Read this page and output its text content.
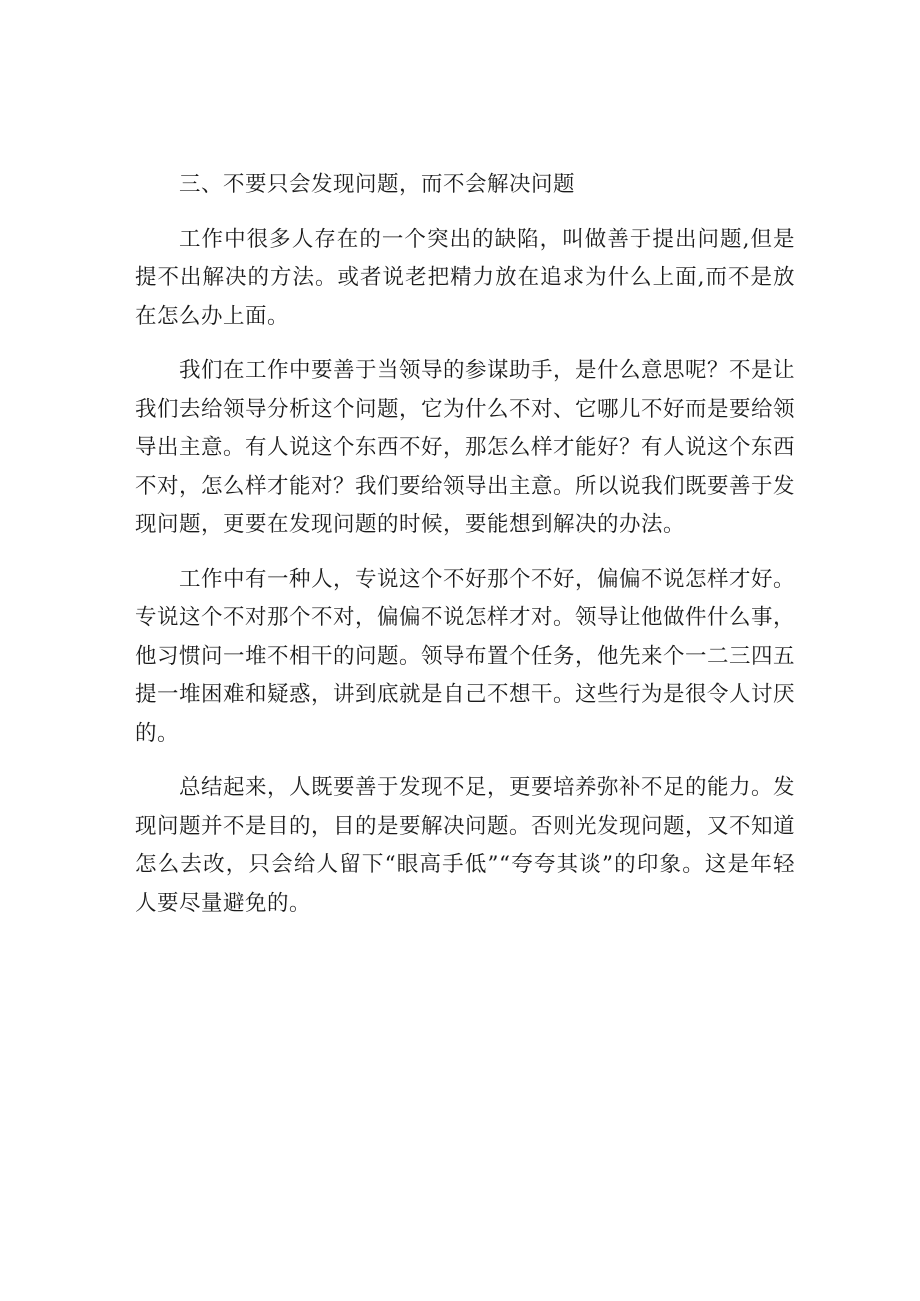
三、不要只会发现问题，而不会解决问题

工作中很多人存在的一个突出的缺陷，叫做善于提出问题,但是提不出解决的方法。或者说老把精力放在追求为什么上面,而不是放在怎么办上面。

我们在工作中要善于当领导的参谋助手，是什么意思呢？不是让我们去给领导分析这个问题，它为什么不对、它哪儿不好而是要给领导出主意。有人说这个东西不好，那怎么样才能好？有人说这个东西不对，怎么样才能对？我们要给领导出主意。所以说我们既要善于发现问题，更要在发现问题的时候，要能想到解决的办法。

工作中有一种人，专说这个不好那个不好，偏偏不说怎样才好。专说这个不对那个不对，偏偏不说怎样才对。领导让他做件什么事，他习惯问一堆不相干的问题。领导布置个任务，他先来个一二三四五提一堆困难和疑惑，讲到底就是自己不想干。这些行为是很令人讨厌的。

总结起来，人既要善于发现不足，更要培养弥补不足的能力。发现问题并不是目的，目的是要解决问题。否则光发现问题，又不知道怎么去改，只会给人留下“眼高手低”“夸夸其谈”的印象。这是年轻人要尽量避免的。
